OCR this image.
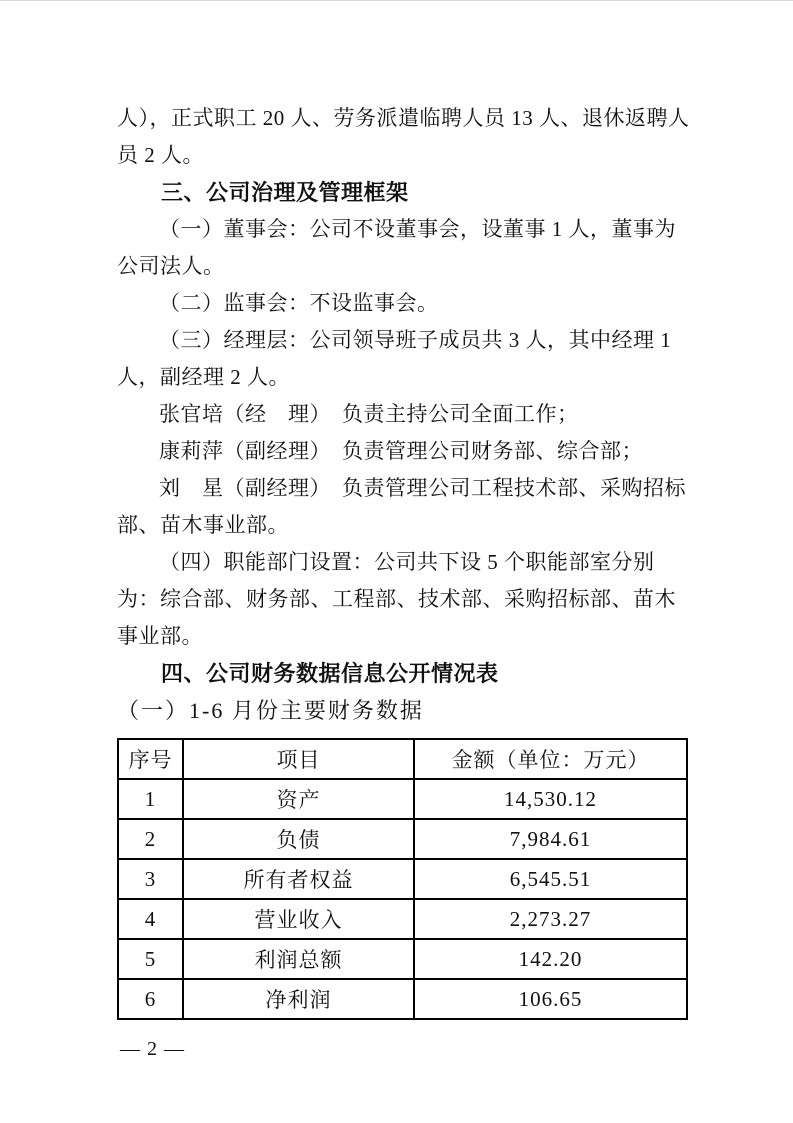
人），正式职工 20 人、劳务派遣临聘人员 13 人、退休返聘人员 2 人。

三、公司治理及管理框架

（一）董事会：公司不设董事会，设董事 1 人，董事为公司法人。

（二）监事会：不设监事会。

（三）经理层：公司领导班子成员共 3 人，其中经理 1 人，副经理 2 人。

张官培（经　理）　负责主持公司全面工作；

康莉萍（副经理）　负责管理公司财务部、综合部；

刘　星（副经理）　负责管理公司工程技术部、采购招标部、苗木事业部。

（四）职能部门设置：公司共下设 5 个职能部室分别为：综合部、财务部、工程部、技术部、采购招标部、苗木事业部。

四、公司财务数据信息公开情况表

（一）1-6 月份主要财务数据

序号	项目	金额（单位：万元）
1	资产	14,530.12
2	负债	7,984.61
3	所有者权益	6,545.51
4	营业收入	2,273.27
5	利润总额	142.20
6	净利润	106.65
— 2 —
